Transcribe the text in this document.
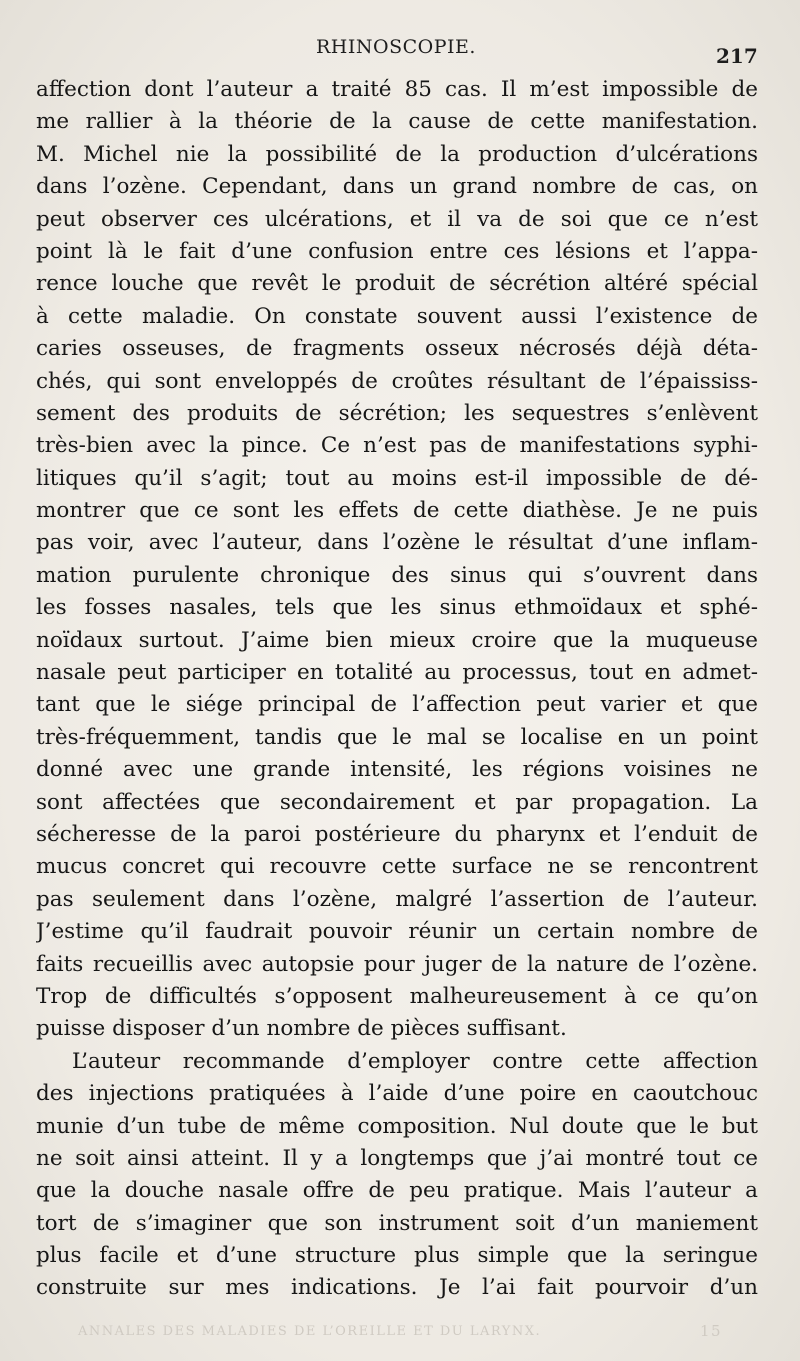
RHINOSCOPIE.	217
affection dont l’auteur a traité 85 cas. Il m’est impossible de
me rallier à la théorie de la cause de cette manifestation.
M. Michel nie la possibilité de la production d’ulcérations
dans l’ozène. Cependant, dans un grand nombre de cas, on
peut observer ces ulcérations, et il va de soi que ce n’est
point là le fait d’une confusion entre ces lésions et l’appa-
rence louche que revêt le produit de sécrétion altéré spécial
à cette maladie. On constate souvent aussi l’existence de
caries osseuses, de fragments osseux nécrosés déjà déta-
chés, qui sont enveloppés de croûtes résultant de l’épaississ-
sement des produits de sécrétion; les sequestres s’enlèvent
très-bien avec la pince. Ce n’est pas de manifestations syphi-
litiques qu’il s’agit; tout au moins est-il impossible de dé-
montrer que ce sont les effets de cette diathèse. Je ne puis
pas voir, avec l’auteur, dans l’ozène le résultat d’une inflam-
mation purulente chronique des sinus qui s’ouvrent dans
les fosses nasales, tels que les sinus ethmoïdaux et sphé-
noïdaux surtout. J’aime bien mieux croire que la muqueuse
nasale peut participer en totalité au processus, tout en admet-
tant que le siége principal de l’affection peut varier et que
très-fréquemment, tandis que le mal se localise en un point
donné avec une grande intensité, les régions voisines ne
sont affectées que secondairement et par propagation. La
sécheresse de la paroi postérieure du pharynx et l’enduit de
mucus concret qui recouvre cette surface ne se rencontrent
pas seulement dans l’ozène, malgré l’assertion de l’auteur.
J’estime qu’il faudrait pouvoir réunir un certain nombre de
faits recueillis avec autopsie pour juger de la nature de l’ozène.
Trop de difficultés s’opposent malheureusement à ce qu’on
puisse disposer d’un nombre de pièces suffisant.
L’auteur recommande d’employer contre cette affection
des injections pratiquées à l’aide d’une poire en caoutchouc
munie d’un tube de même composition. Nul doute que le but
ne soit ainsi atteint. Il y a longtemps que j’ai montré tout ce
que la douche nasale offre de peu pratique. Mais l’auteur a
tort de s’imaginer que son instrument soit d’un maniement
plus facile et d’une structure plus simple que la seringue
construite sur mes indications. Je l’ai fait pourvoir d’un
ANNALES DES MALADIES DE L’OREILLE ET DU LARYNX.	15
